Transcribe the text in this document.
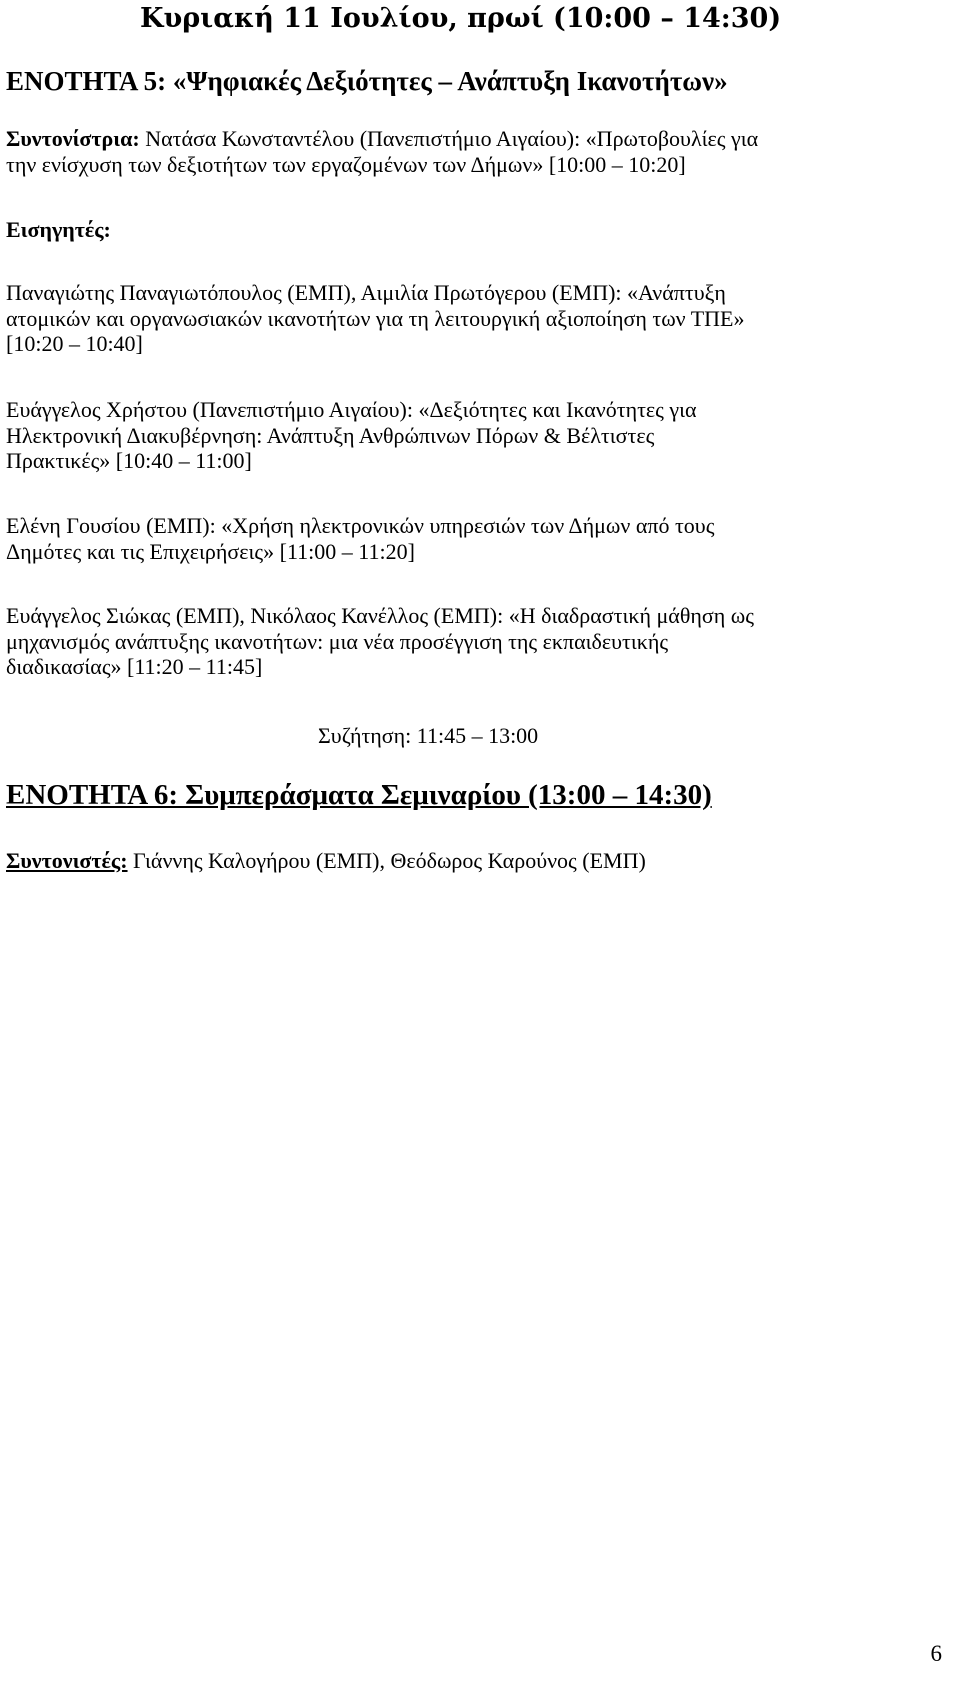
Κυριακή 11 Ιουλίου, πρωί (10:00 – 14:30)
ΕΝΟΤΗΤΑ 5: «Ψηφιακές Δεξιότητες – Ανάπτυξη Ικανοτήτων»

Συντονίστρια: Νατάσα Κωνσταντέλου (Πανεπιστήμιο Αιγαίου): «Πρωτοβουλίες για
την ενίσχυση των δεξιοτήτων των εργαζομένων των Δήμων» [10:00 – 10:20]

Εισηγητές:

Παναγιώτης Παναγιωτόπουλος (ΕΜΠ), Αιμιλία Πρωτόγερου (ΕΜΠ): «Ανάπτυξη
ατομικών και οργανωσιακών ικανοτήτων για τη λειτουργική αξιοποίηση των ΤΠΕ»
[10:20 – 10:40]

Ευάγγελος Χρήστου (Πανεπιστήμιο Αιγαίου): «Δεξιότητες και Ικανότητες για
Ηλεκτρονική Διακυβέρνηση: Ανάπτυξη Ανθρώπινων Πόρων & Βέλτιστες
Πρακτικές» [10:40 – 11:00]

Ελένη Γουσίου (ΕΜΠ): «Χρήση ηλεκτρονικών υπηρεσιών των Δήμων από τους
Δημότες και τις Επιχειρήσεις» [11:00 – 11:20]

Ευάγγελος Σιώκας (ΕΜΠ), Νικόλαος Κανέλλος (ΕΜΠ): «Η διαδραστική μάθηση ως
μηχανισμός ανάπτυξης ικανοτήτων: μια νέα προσέγγιση της εκπαιδευτικής
διαδικασίας» [11:20 – 11:45]

Συζήτηση: 11:45 – 13:00

ΕΝΟΤΗΤΑ 6: Συμπεράσματα Σεμιναρίου (13:00 – 14:30)

Συντονιστές: Γιάννης Καλογήρου (ΕΜΠ), Θεόδωρος Καρούνος (ΕΜΠ)

6
